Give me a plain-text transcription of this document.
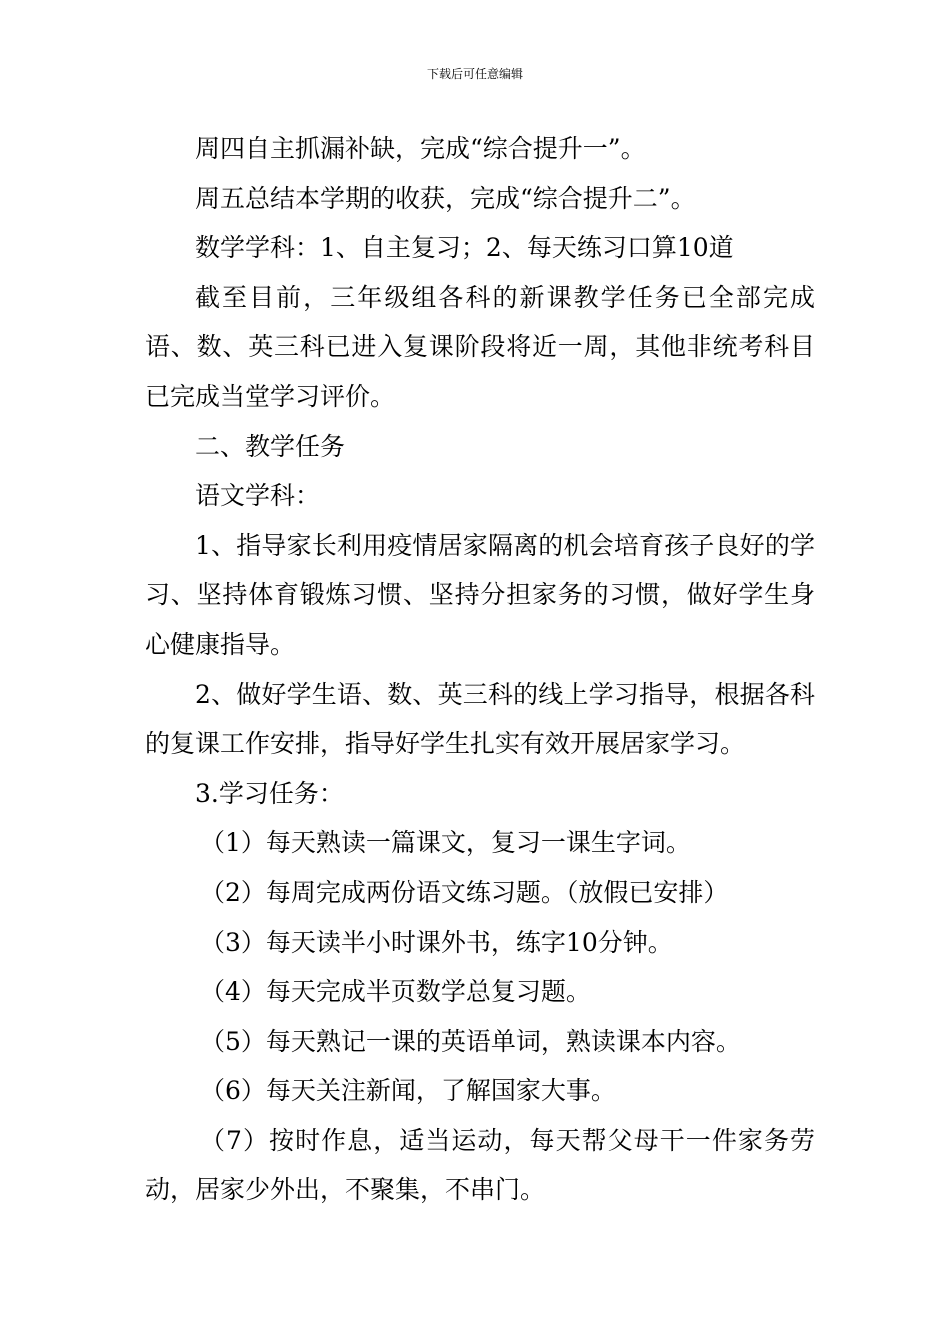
下载后可任意编辑

周四自主抓漏补缺，完成“综合提升一”。

周五总结本学期的收获，完成“综合提升二”。

数学学科：1、自主复习；2、每天练习口算10道

截至目前，三年级组各科的新课教学任务已全部完成语、数、英三科已进入复课阶段将近一周，其他非统考科目已完成当堂学习评价。

二、教学任务

语文学科：

1、指导家长利用疫情居家隔离的机会培育孩子良好的学习、坚持体育锻炼习惯、坚持分担家务的习惯，做好学生身心健康指导。

2、做好学生语、数、英三科的线上学习指导，根据各科的复课工作安排，指导好学生扎实有效开展居家学习。

3.学习任务：

（1）每天熟读一篇课文，复习一课生字词。

（2）每周完成两份语文练习题。（放假已安排）

（3）每天读半小时课外书，练字10分钟。

（4）每天完成半页数学总复习题。

（5）每天熟记一课的英语单词，熟读课本内容。

（6）每天关注新闻，了解国家大事。

（7）按时作息，适当运动，每天帮父母干一件家务劳动，居家少外出，不聚集，不串门。
